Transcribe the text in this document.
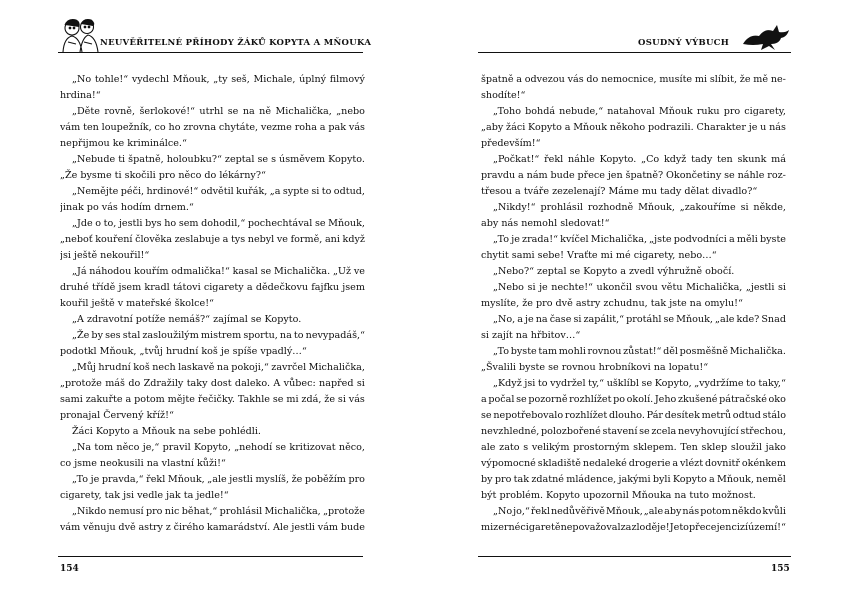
NEUVĚŘITELNÉ PŘÍHODY ŽÁKŮ KOPYTA A MŇOUKA
„No tohle!“ vydechl Mňouk, „ty seš, Michale, úplný filmový
hrdina!“
„Děte rovně, šerlokové!“ utrhl se na ně Michalička, „nebo
vám ten loupežník, co ho zrovna chytáte, vezme roha a pak vás
nepřijmou ke kriminálce.“
„Nebude ti špatně, holoubku?“ zeptal se s úsměvem Kopyto.
„Že bysme ti skočili pro něco do lékárny?“
„Nemějte péči, hrdinové!“ odvětil kuřák, „a sypte si to odtud,
jinak po vás hodím drnem.“
„Jde o to, jestli bys ho sem dohodil,“ pochechtával se Mňouk,
„neboť kouření člověka zeslabuje a tys nebyl ve formě, ani když
jsi ještě nekouřil!“
„Já náhodou kouřím odmalička!“ kasal se Michalička. „Už ve
druhé třídě jsem kradl tátovi cigarety a dědečkovu fajfku jsem
kouřil ještě v mateřské školce!“
„A zdravotní potíže nemáš?“ zajímal se Kopyto.
„Že by ses stal zasloužilým mistrem sportu, na to nevypadáš,“
podotkl Mňouk, „tvůj hrudní koš je spíše vpadlý…“
„Můj hrudní koš nech laskavě na pokoji,“ zavrčel Michalička,
„protože máš do Zdražily taky dost daleko. A vůbec: napřed si
sami zakuřte a potom mějte řečičky. Takhle se mi zdá, že si vás
pronajal Červený kříž!“
Žáci Kopyto a Mňouk na sebe pohlédli.
„Na tom něco je,“ pravil Kopyto, „nehodí se kritizovat něco,
co jsme neokusili na vlastní kůži!“
„To je pravda,“ řekl Mňouk, „ale jestli myslíš, že poběžím pro
cigarety, tak jsi vedle jak ta jedle!“
„Nikdo nemusí pro nic běhat,“ prohlásil Michalička, „protože
vám věnuju dvě astry z čirého kamarádství. Ale jestli vám bude
154
OSUDNÝ VÝBUCH
špatně a odvezou vás do nemocnice, musíte mi slíbit, že mě ne-
shodíte!“
„Toho bohdá nebude,“ natahoval Mňouk ruku pro cigarety,
„aby žáci Kopyto a Mňouk někoho podrazili. Charakter je u nás
především!“
„Počkat!“ řekl náhle Kopyto. „Co když tady ten skunk má
pravdu a nám bude přece jen špatně? Okončetiny se náhle roz-
třesou a tváře zezelenají? Máme mu tady dělat divadlo?“
„Nikdy!“ prohlásil rozhodně Mňouk, „zakouříme si někde,
aby nás nemohl sledovat!“
„To je zrada!“ kvíčel Michalička, „jste podvodníci a měli byste
chytit sami sebe! Vraťte mi mé cigarety, nebo…“
„Nebo?“ zeptal se Kopyto a zvedl výhružně obočí.
„Nebo si je nechte!“ ukončil svou větu Michalička, „jestli si
myslíte, že pro dvě astry zchudnu, tak jste na omylu!“
„No, a je na čase si zapálit,“ protáhl se Mňouk, „ale kde? Snad
si zajít na hřbitov…“
„To byste tam mohli rovnou zůstat!“ děl posměšně Michalička.
„Švalili byste se rovnou hrobníkovi na lopatu!“
„Když jsi to vydržel ty,“ ušklíbl se Kopyto, „vydržíme to taky,“
a počal se pozorně rozhlížet po okolí. Jeho zkušené pátračské oko
se nepotřebovalo rozhlížet dlouho. Pár desítek metrů odtud stálo
nevzhledné, polozbořené stavení se zcela nevyhovující střechou,
ale zato s velikým prostorným sklepem. Ten sklep sloužil jako
výpomocné skladiště nedaleké drogerie a vlézt dovnitř okénkem
by pro tak zdatné mládence, jakými byli Kopyto a Mňouk, neměl
být problém. Kopyto upozornil Mňouka na tuto možnost.
„No jo,“ řekl nedůvěřivě Mňouk, „ale aby nás potom někdo kvůli
mizerné cigaretě nepovažoval za zloděje! Je to přece jen cizí území!“
155
